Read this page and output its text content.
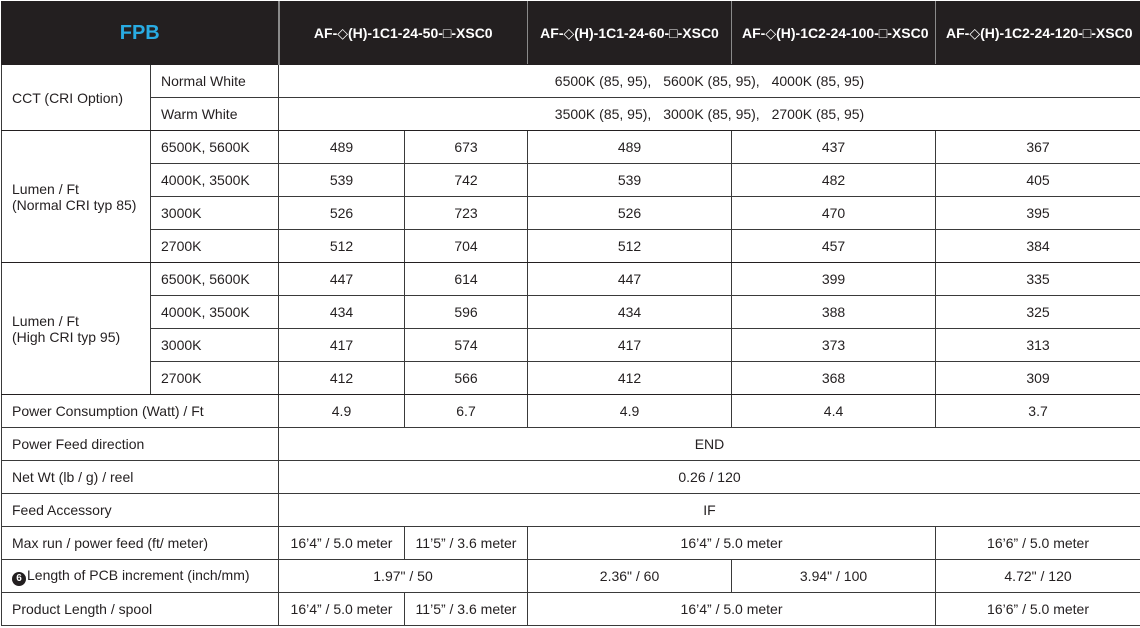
FPB		AF-◇(H)-1C1-24-50-□-XSC0		AF-◇(H)-1C1-24-60-□-XSC0	AF-◇(H)-1C2-24-100-□-XSC0	AF-◇(H)-1C2-24-120-□-XSC0
CCT (CRI Option)	Normal White	6500K (85, 95), 5600K (85, 95), 4000K (85, 95)				
	Warm White	3500K (85, 95), 3000K (85, 95), 2700K (85, 95)				
Lumen / Ft
(Normal CRI typ 85)	6500K, 5600K	489	673	489	437	367
	4000K, 3500K	539	742	539	482	405
	3000K	526	723	526	470	395
	2700K	512	704	512	457	384
Lumen / Ft
(High CRI typ 95)	6500K, 5600K	447	614	447	399	335
	4000K, 3500K	434	596	434	388	325
	3000K	417	574	417	373	313
	2700K	412	566	412	368	309
Power Consumption (Watt) / Ft		4.9	6.7	4.9	4.4	3.7
Power Feed direction		END				
Net Wt (lb / g) / reel		0.26 / 120				
Feed Accessory		IF				
Max run / power feed (ft/ meter)		16’4” / 5.0 meter	11’5” / 3.6 meter	16’4” / 5.0 meter		16’6” / 5.0 meter
6 Length of PCB increment (inch/mm)		1.97" / 50		2.36" / 60	3.94" / 100	4.72" / 120
Product Length / spool		16’4” / 5.0 meter	11’5” / 3.6 meter	16’4” / 5.0 meter		16’6” / 5.0 meter
